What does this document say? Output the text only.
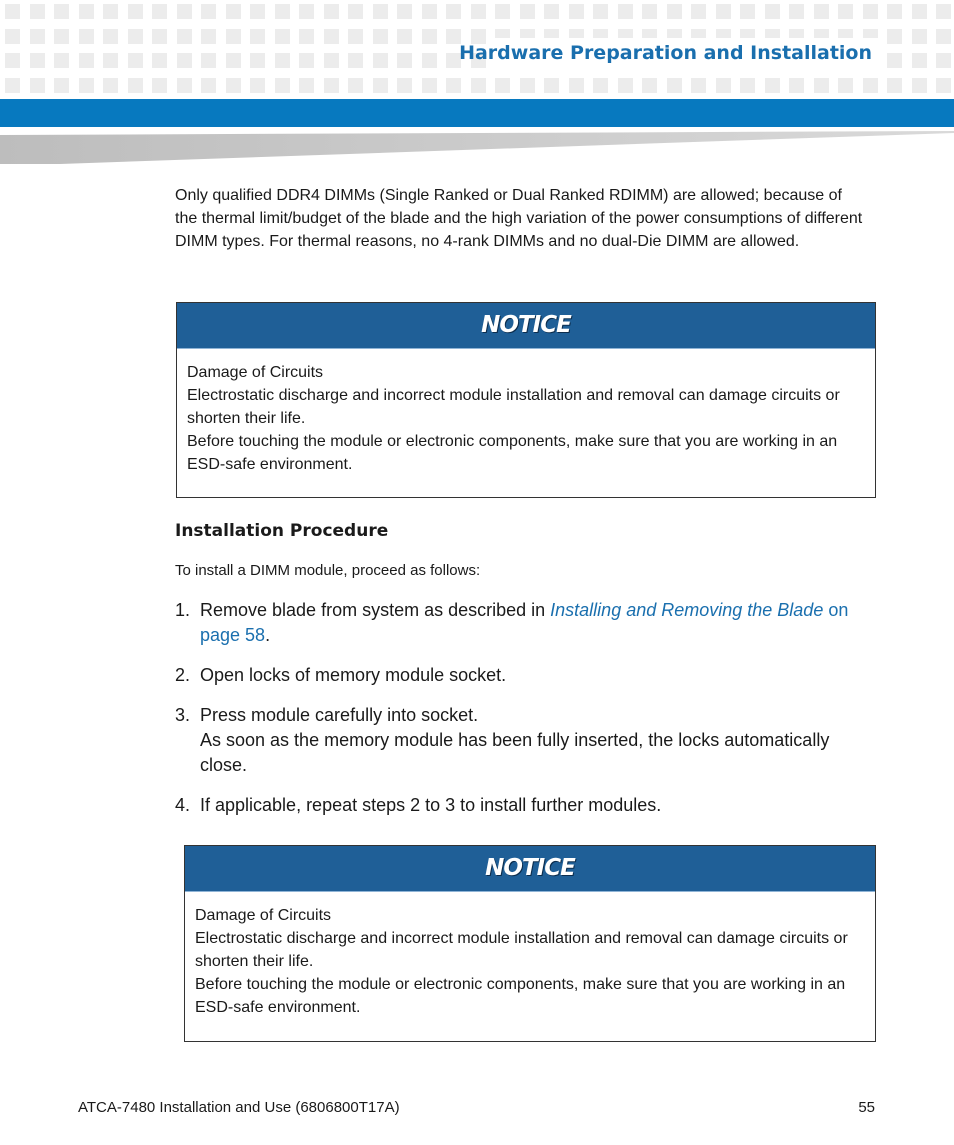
Hardware Preparation and Installation
Only qualified DDR4 DIMMs (Single Ranked or Dual Ranked RDIMM) are allowed; because of the thermal limit/budget of the blade and the high variation of the power consumptions of different DIMM types. For thermal reasons, no 4-rank DIMMs and no dual-Die DIMM are allowed.
NOTICE
Damage of Circuits
Electrostatic discharge and incorrect module installation and removal can damage circuits or shorten their life.
Before touching the module or electronic components, make sure that you are working in an ESD-safe environment.
Installation Procedure
To install a DIMM module, proceed as follows:
1. Remove blade from system as described in Installing and Removing the Blade on
page 58.
2. Open locks of memory module socket.
3. Press module carefully into socket.
As soon as the memory module has been fully inserted, the locks automatically close.
4. If applicable, repeat steps 2 to 3 to install further modules.
NOTICE
Damage of Circuits
Electrostatic discharge and incorrect module installation and removal can damage circuits or shorten their life.
Before touching the module or electronic components, make sure that you are working in an ESD-safe environment.
ATCA-7480 Installation and Use (6806800T17A)	55
